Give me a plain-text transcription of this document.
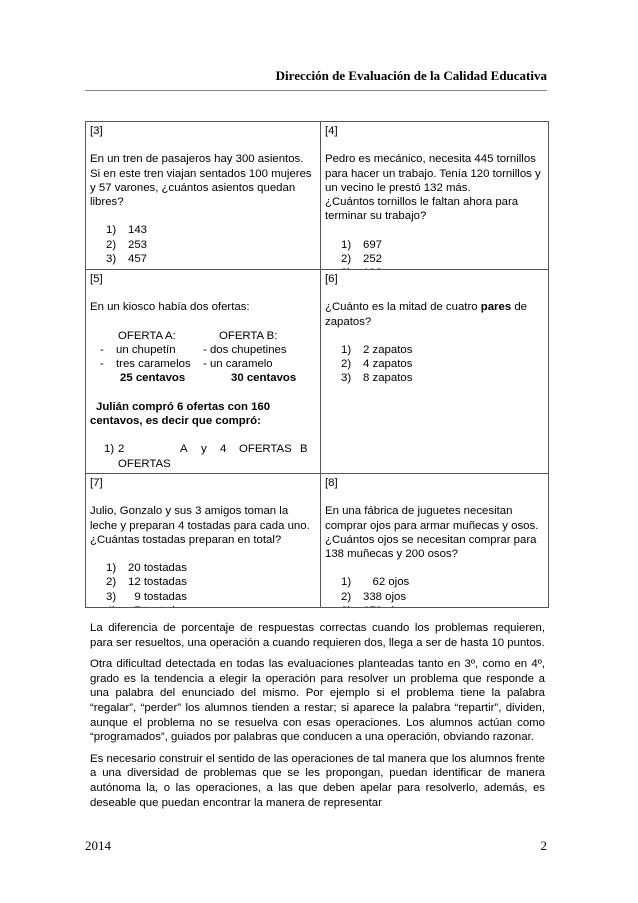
Dirección de Evaluación de la Calidad Educativa
[3]
En un tren de pasajeros hay 300 asientos. Si en este tren viajan sentados 100 mujeres y 57 varones, ¿cuántos asientos quedan libres?
1)	143
2)	253
3)	457
[4]
Pedro es mecánico, necesita 445 tornillos para hacer un trabajo. Tenía 120 tornillos y un vecino le prestó 132 más.
¿Cuántos tornillos le faltan ahora para terminar su trabajo?
1)	697
2)	252
[5]
En un kiosco había dos ofertas:
OFERTA A:
-	un chupetín
-	tres caramelos
25 centavos
OFERTA B:
- dos chupetines
- un caramelo
30 centavos
Julián compró 6 ofertas con 160
centavos, es decir que compró:
1) 2 OFERTAS
A	y	4	OFERTAS B

[6]
¿Cuánto es la mitad de cuatro pares de zapatos?
1)	2 zapatos
2)	4 zapatos
3)	8 zapatos
[7]
Julio, Gonzalo y sus 3 amigos toman la leche y preparan 4 tostadas para cada uno. ¿Cuántas tostadas preparan en total?
1)	20 tostadas
2)	12 tostadas
3)	9 tostadas
[8]
En una fábrica de juguetes necesitan comprar ojos para armar muñecas y osos. ¿Cuántos ojos se necesitan comprar para 138 muñecas y 200 osos?
1)	62 ojos
2)	338 ojos

La diferencia de porcentaje de respuestas correctas cuando los problemas requieren, para ser resueltos, una operación a cuando requieren dos, llega a ser de hasta 10 puntos.

Otra dificultad detectada en todas las evaluaciones planteadas tanto en 3º, como en 4º, grado es la tendencia a elegir la operación para resolver un problema que responde a una palabra del enunciado del mismo. Por ejemplo si el problema tiene la palabra “regalar”, “perder” los alumnos tienden a restar; si aparece la palabra “repartir”, dividen, aunque el problema no se resuelva con esas operaciones. Los alumnos actúan como “programados”, guiados por palabras que conducen a una operación, obviando razonar.

Es necesario construir el sentido de las operaciones de tal manera que los alumnos frente a una diversidad de problemas que se les propongan, puedan identificar de manera autónoma la, o las operaciones, a las que deben apelar para resolverlo, además, es deseable que puedan encontrar la manera de representar

2014	2
